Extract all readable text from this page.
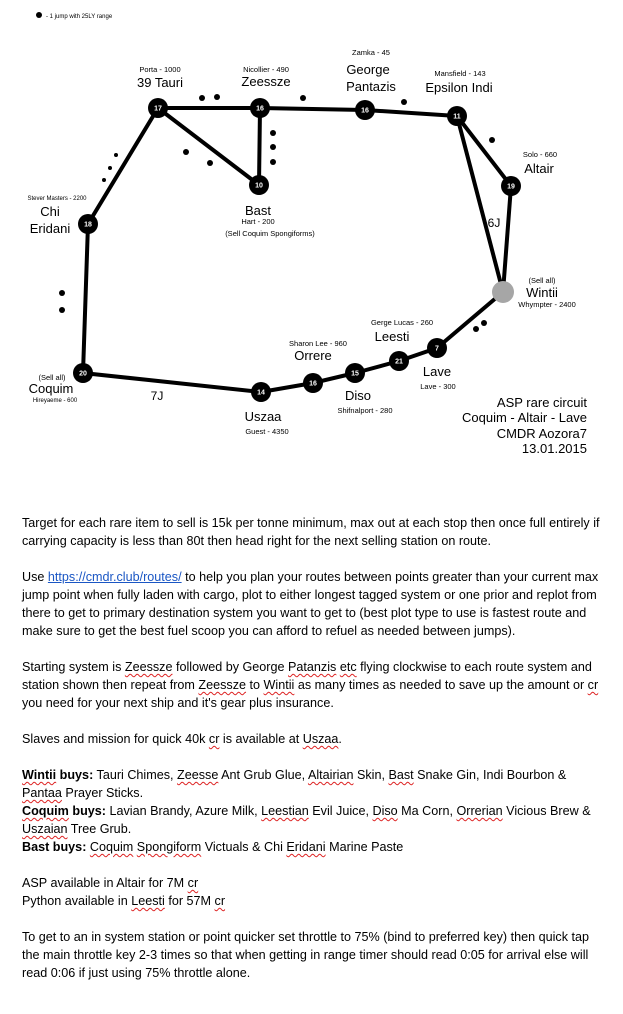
- 1 jump with 25LY range
17	16	16
11
19
10
18
20
14
16
15
21
7
Porta - 1000
39 Tauri
Nicollier - 490
Zeessze
Zamka - 45
George
Pantazis
Mansfield - 143
Epsilon Indi
Solo - 660
Altair
Bast
Hart - 200
(Sell Coquim Spongiforms)
Stever Masters - 2200
Chi
Eridani
(Sell all)
Wintii
Whympter - 2400
(Sell all)
Coquim
Hireyaeme - 600
Gerge Lucas - 260
Leesti
Sharon Lee - 960
Orrere
Lave
Lave - 300
Diso
Shifnalport - 280
Uszaa
Guest - 4350
6J
7J	ASP rare circuit
Coquim - Altair - Lave
CMDR Aozora7
13.01.2015

Target for each rare item to sell is 15k per tonne minimum, max out at each stop then once full entirely if carrying capacity is less than 80t then head right for the next selling station on route.

Use https://cmdr.club/routes/ to help you plan your routes between points greater than your current max jump point when fully laden with cargo, plot to either longest tagged system or one prior and replot from there to get to primary destination system you want to get to (best plot type to use is fastest route and make sure to get the best fuel scoop you can afford to refuel as needed between jumps).

Starting system is Zeessze followed by George Patanzis etc flying clockwise to each route system and station shown then repeat from Zeessze to Wintii as many times as needed to save up the amount or cr you need for your next ship and it's gear plus insurance.

Slaves and mission for quick 40k cr is available at Uszaa.

Wintii buys: Tauri Chimes, Zeesse Ant Grub Glue, Altairian Skin, Bast Snake Gin, Indi Bourbon & Pantaa Prayer Sticks.
Coquim buys: Lavian Brandy, Azure Milk, Leestian Evil Juice, Diso Ma Corn, Orrerian Vicious Brew & Uszaian Tree Grub.
Bast buys: Coquim Spongiform Victuals & Chi Eridani Marine Paste

ASP available in Altair for 7M cr
Python available in Leesti for 57M cr

To get to an in system station or point quicker set throttle to 75% (bind to preferred key) then quick tap the main throttle key 2-3 times so that when getting in range timer should read 0:05 for arrival else will read 0:06 if just using 75% throttle alone.
